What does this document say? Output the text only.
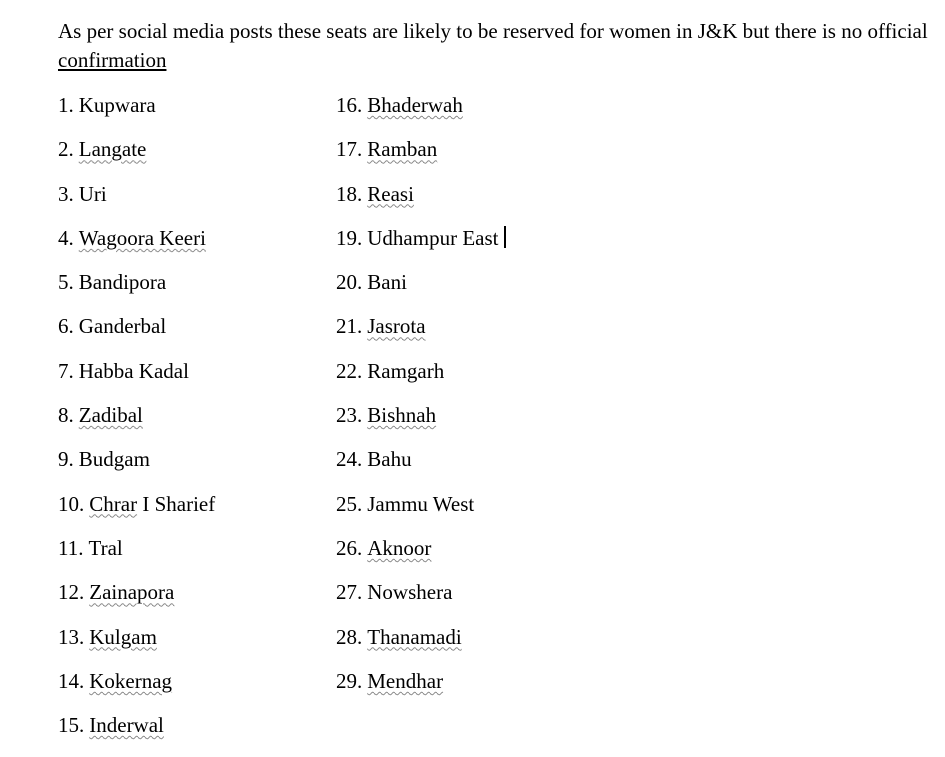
As per social media posts these seats are likely to be reserved for women in J&K but there is no official confirmation

1. Kupwara
2. Langate
3. Uri
4. Wagoora Keeri
5. Bandipora
6. Ganderbal
7. Habba Kadal
8. Zadibal
9. Budgam
10. Chrar I Sharief
11. Tral
12. Zainapora
13. Kulgam
14. Kokernag
15. Inderwal
16. Bhaderwah
17. Ramban
18. Reasi
19. Udhampur East
20. Bani
21. Jasrota
22. Ramgarh
23. Bishnah
24. Bahu
25. Jammu West
26. Aknoor
27. Nowshera
28. Thanamadi
29. Mendhar
